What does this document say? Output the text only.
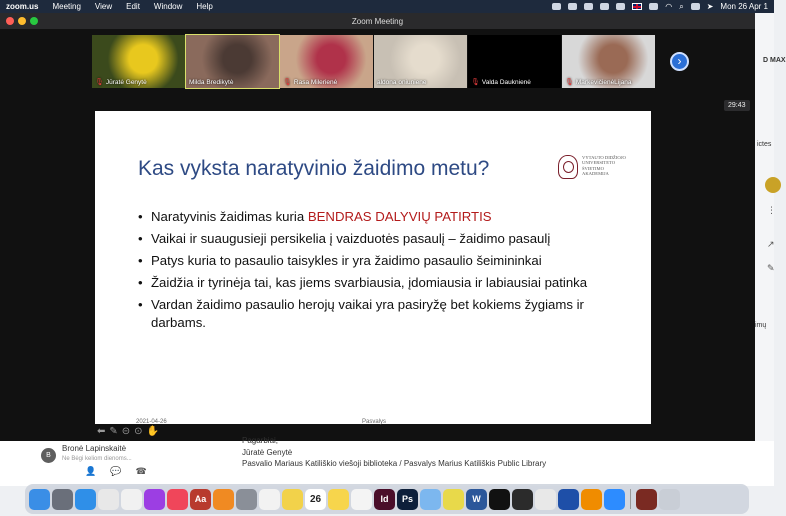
zoom.us Meeting View Edit Window Help	◠ ⌕	➤ Mon 26 Apr 1
D MAX
ictes
⋮
↗
✎
imų
Zoom Meeting
🎙 Jūratė Genytė	Milda Bredikytė	🎙 Rasa Milerienė	aldona oniuniene	🎙 Valda Dauknienė	🎙 MarkevičienėLijana
›
29:43
Kas vyksta naratyvinio žaidimo metu?	VYTAUTO DIDŽIOJO
UNIVERSITETO
ŠVIETIMO
AKADEMIJA
• Naratyvinis žaidimas kuria BENDRAS DALYVIŲ PATIRTIS
• Vaikai ir suaugusieji persikelia į vaizduotės pasaulį – žaidimo pasaulį
• Patys kuria to pasaulio taisykles ir yra žaidimo pasaulio šeimininkai
• Žaidžia ir tyrinėja tai, kas jiems svarbiausia, įdomiausia ir labiausiai patinka
• Vardan žaidimo pasaulio herojų vaikai yra pasiryžę bet kokiems žygiams ir darbams.
2021-04-26	Pasvalys
⬅ ✎ ⊝ ⊙ ✋
B
Bronė Lapinskaitė
Ne Bėgi keliom dienoms...
👤 💬 ☎
Pagarbiai,
Jūratė Genytė
Pasvalio Mariaus Katiliškio viešoji biblioteka / Pasvalys Marius Katiliškis Public Library
Aa	26	Id	Ps	W
